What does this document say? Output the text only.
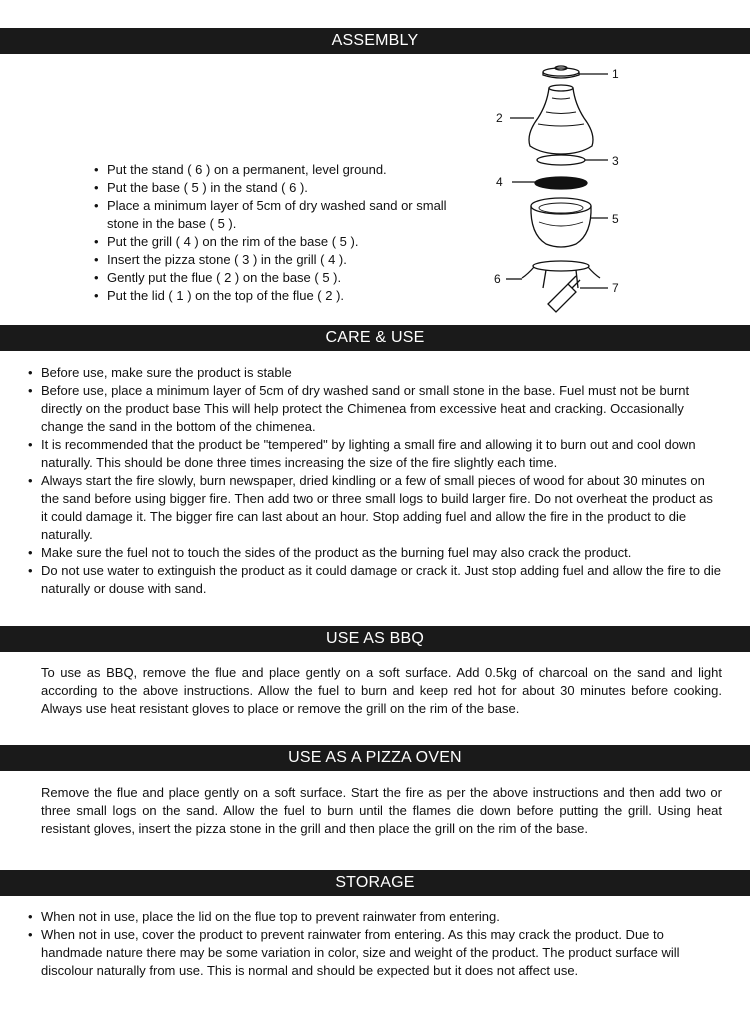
ASSEMBLY
• Put the stand ( 6 ) on a permanent, level ground.
• Put the base ( 5 ) in the stand ( 6 ).
• Place a minimum layer of 5cm of dry washed sand or small stone in the base ( 5 ).
• Put the grill ( 4 ) on the rim of the base ( 5 ).
• Insert the pizza stone ( 3 ) in the grill ( 4 ).
• Gently put the flue ( 2 ) on the base ( 5 ).
• Put the lid ( 1 ) on the top of the flue ( 2 ).
1
2
3
4
5
6
7
CARE & USE
• Before use, make sure the product is stable
• Before use, place a minimum layer of 5cm of dry washed sand or small stone in the base. Fuel must not be burnt directly on the product base This will help protect the Chimenea from excessive heat and cracking. Occasionally change the sand in the bottom of the chimenea.
• It is recommended that the product be "tempered" by lighting a small fire and allowing it to burn out and cool down naturally. This should be done three times increasing the size of the fire slightly each time.
• Always start the fire slowly, burn newspaper, dried kindling or a few of small pieces of wood for about 30 minutes on the sand before using bigger fire. Then add two or three small logs to build larger fire. Do not overheat the product as it could damage it. The bigger fire can last about an hour. Stop adding fuel and allow the fire in the product to die naturally.
• Make sure the fuel not to touch the sides of the product as the burning fuel may also crack the product.
• Do not use water to extinguish the product as it could damage or crack it. Just stop adding fuel and allow the fire to die naturally or douse with sand.
USE AS BBQ

To use as BBQ, remove the flue and place gently on a soft surface. Add 0.5kg of charcoal on the sand and light according to the above instructions. Allow the fuel to burn and keep red hot for about 30 minutes before cooking. Always use heat resistant gloves to place or remove the grill on the rim of the base.

USE AS A PIZZA OVEN

Remove the flue and place gently on a soft surface. Start the fire as per the above instructions and then add two or three small logs on the sand. Allow the fuel to burn until the flames die down before putting the grill. Using heat resistant gloves, insert the pizza stone in the grill and then place the grill on the rim of the base.

STORAGE
• When not in use, place the lid on the flue top to prevent rainwater from entering.
• When not in use, cover the product to prevent rainwater from entering. As this may crack the product. Due to handmade nature there may be some variation in color, size and weight of the product. The product surface will discolour naturally from use. This is normal and should be expected but it does not affect use.
